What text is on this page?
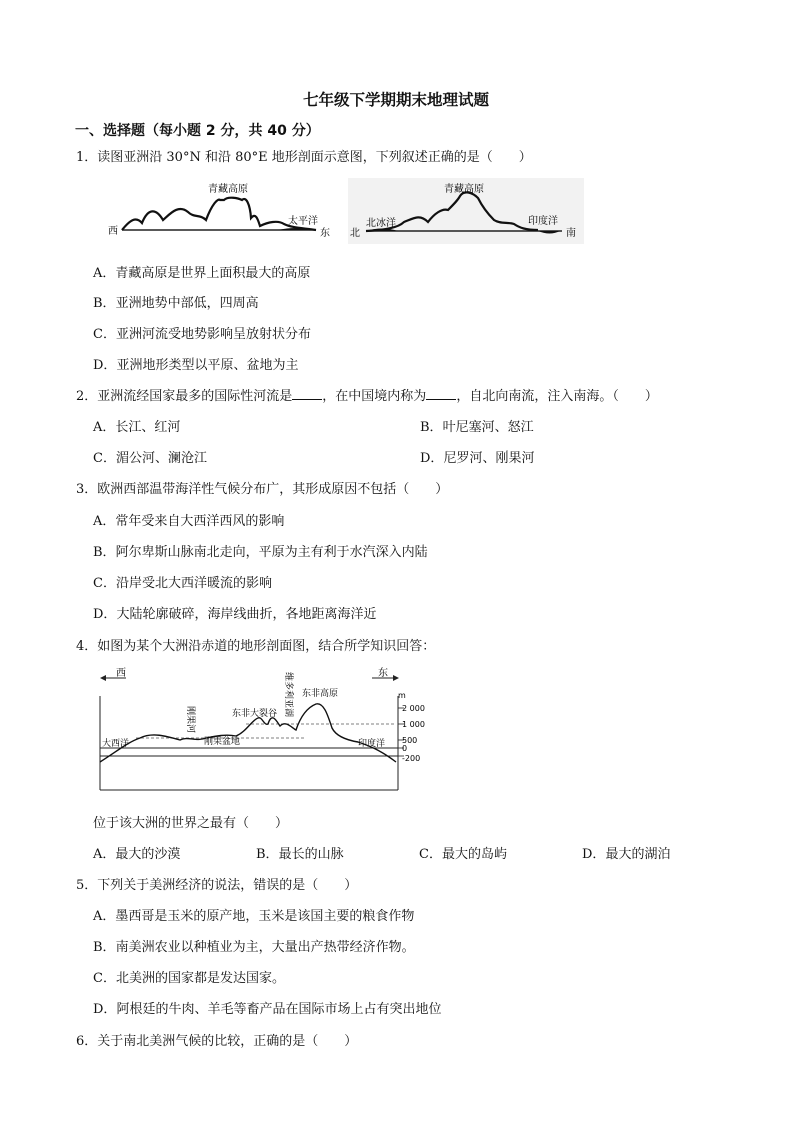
七年级下学期期末地理试题
一、选择题（每小题 2 分，共 40 分）
1．读图亚洲沿 30°N 和沿 80°E 地形剖面示意图，下列叙述正确的是（　　）
青藏高原
西
太平洋
东
青藏高原
北冰洋
北
印度洋
南
A．青藏高原是世界上面积最大的高原
B．亚洲地势中部低，四周高
C．亚洲河流受地势影响呈放射状分布
D．亚洲地形类型以平原、盆地为主
2．亚洲流经国家最多的国际性河流是 ，在中国境内称为 ，自北向南流，注入南海。（　　）
A．长江、红河	B．叶尼塞河、怒江
C．湄公河、澜沧江	D．尼罗河、刚果河
3．欧洲西部温带海洋性气候分布广，其形成原因不包括（　　）
A．常年受来自大西洋西风的影响
B．阿尔卑斯山脉南北走向，平原为主有利于水汽深入内陆
C．沿岸受北大西洋暖流的影响
D．大陆轮廓破碎，海岸线曲折，各地距离海洋近
4．如图为某个大洲沿赤道的地形剖面图，结合所学知识回答：
西	东
m
2 000
1 000
500
0
-200
大西洋	印度洋
刚果盆地
东非大裂谷
东非高原
刚果河
维多利亚湖
位于该大洲的世界之最有（　　）
A．最大的沙漠	B．最长的山脉	C．最大的岛屿	D．最大的湖泊
5．下列关于美洲经济的说法，错误的是（　　）
A．墨西哥是玉米的原产地，玉米是该国主要的粮食作物
B．南美洲农业以种植业为主，大量出产热带经济作物。
C．北美洲的国家都是发达国家。
D．阿根廷的牛肉、羊毛等畜产品在国际市场上占有突出地位
6．关于南北美洲气候的比较，正确的是（　　）
